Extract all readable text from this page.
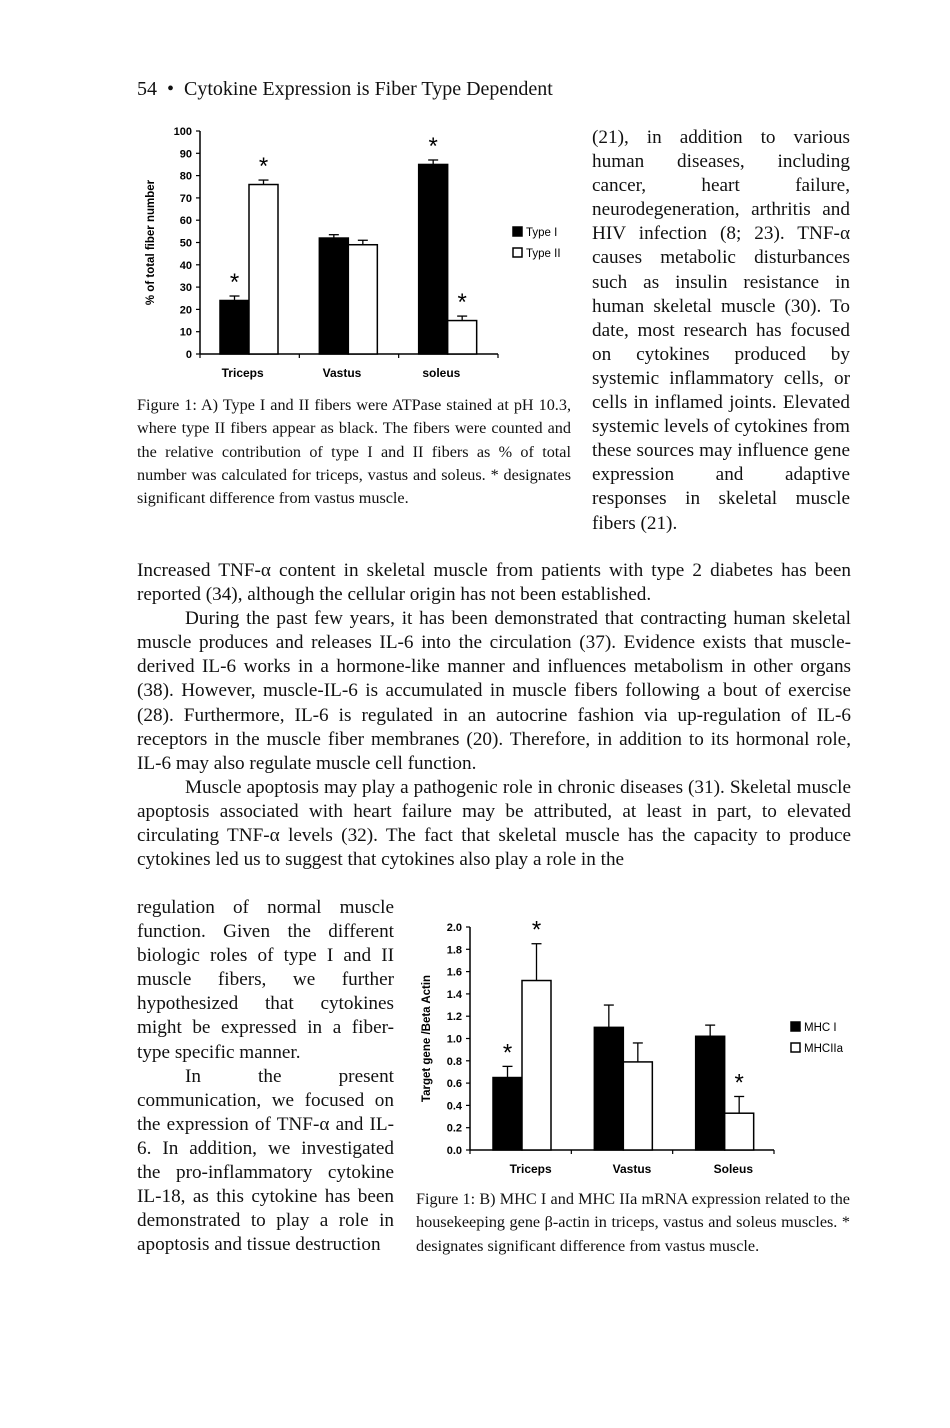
54 • Cytokine Expression is Fiber Type Dependent
0
10
20
30
40
50
60
70
80
90
100
% of total fiber number
Triceps
*
*
Vastus	soleus
*
*
Type I
Type II

Figure 1: A) Type I and II fibers were ATPase stained at pH 10.3, where type II fibers appear as black. The fibers were counted and the relative contribution of type I and II fibers as % of total number was calculated for triceps, vastus and soleus. * designates significant difference from vastus muscle.

(21), in addition to various human diseases, including cancer, heart failure, neurodegeneration, arthritis and HIV infection (8; 23). TNF-α causes metabolic disturbances such as insulin resistance in human skeletal muscle (30). To date, most research has focused on cytokines produced by systemic inflammatory cells, or cells in inflamed joints. Elevated systemic levels of cytokines from these sources may influence gene expression and adaptive responses in skeletal muscle fibers (21).

Increased TNF-α content in skeletal muscle from patients with type 2 diabetes has been reported (34), although the cellular origin has not been established.

During the past few years, it has been demonstrated that contracting human skeletal muscle produces and releases IL-6 into the circulation (37). Evidence exists that muscle-derived IL-6 works in a hormone-like manner and influences metabolism in other organs (38). However, muscle-IL-6 is accumulated in muscle fibers following a bout of exercise (28). Furthermore, IL-6 is regulated in an autocrine fashion via up-regulation of IL-6 receptors in the muscle fiber membranes (20). Therefore, in addition to its hormonal role, IL-6 may also regulate muscle cell function.

Muscle apoptosis may play a pathogenic role in chronic diseases (31). Skeletal muscle apoptosis associated with heart failure may be attributed, at least in part, to elevated circulating TNF-α levels (32). The fact that skeletal muscle has the capacity to produce cytokines led us to suggest that cytokines also play a role in the

regulation of normal muscle function. Given the different biologic roles of type I and II muscle fibers, we further hypothesized that cytokines might be expressed in a fiber-type specific manner.

In the present communication, we focused on the expression of TNF-α and IL-6. In addition, we investigated the pro-inflammatory cytokine IL-18, as this cytokine has been demonstrated to play a role in apoptosis and tissue destruction

0.0
0.2
0.4
0.6
0.8
1.0
1.2
1.4
1.6
1.8
2.0
Target gene /Beta Actin
Triceps
*
*
Vastus	Soleus
*
MHC I
MHCIIa

Figure 1: B) MHC I and MHC IIa mRNA expression related to the housekeeping gene β-actin in triceps, vastus and soleus muscles. * designates significant difference from vastus muscle.
